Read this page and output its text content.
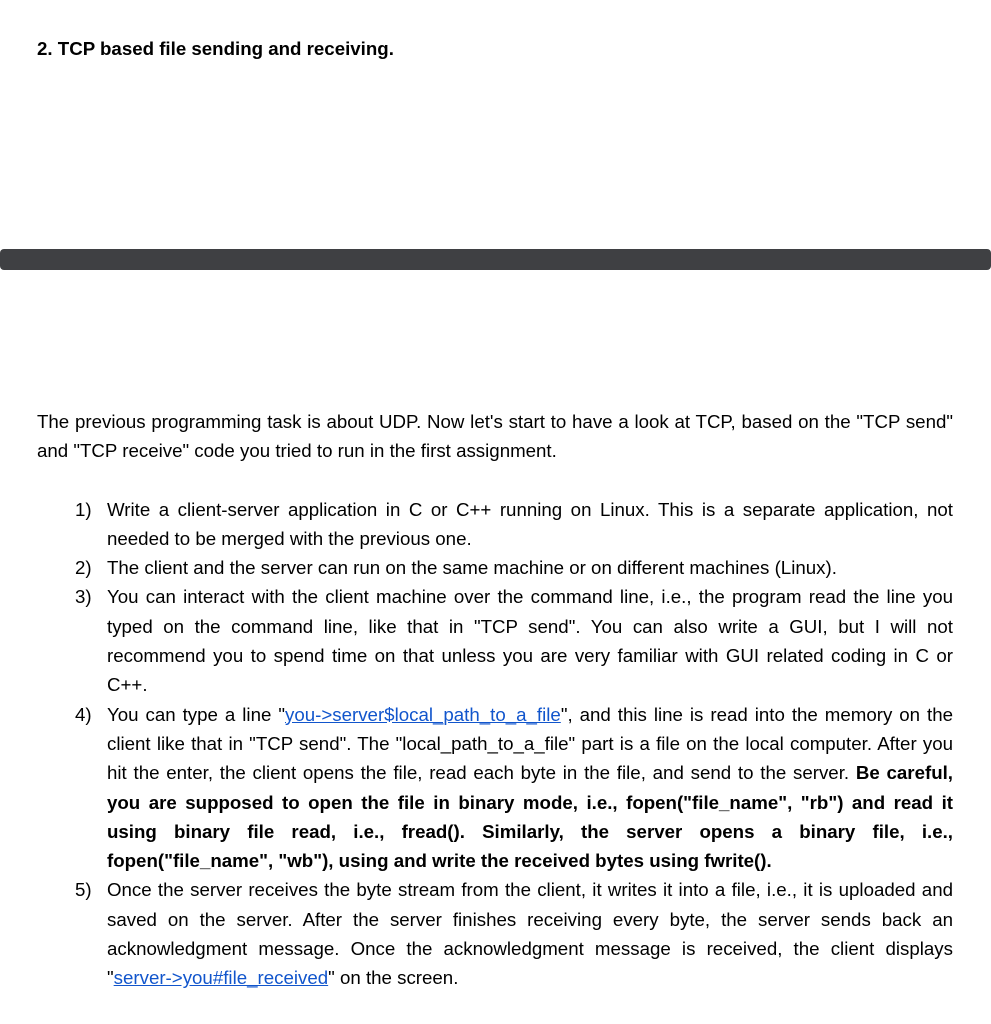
2. TCP based file sending and receiving.
The previous programming task is about UDP. Now let's start to have a look at TCP, based on the "TCP send" and "TCP receive" code you tried to run in the first assignment.
1) Write a client-server application in C or C++ running on Linux. This is a separate application, not needed to be merged with the previous one.
2) The client and the server can run on the same machine or on different machines (Linux).
3) You can interact with the client machine over the command line, i.e., the program read the line you typed on the command line, like that in "TCP send". You can also write a GUI, but I will not recommend you to spend time on that unless you are very familiar with GUI related coding in C or C++.
4) You can type a line "you->server$local_path_to_a_file", and this line is read into the memory on the client like that in "TCP send". The "local_path_to_a_file" part is a file on the local computer. After you hit the enter, the client opens the file, read each byte in the file, and send to the server. Be careful, you are supposed to open the file in binary mode, i.e., fopen("file_name", "rb") and read it using binary file read, i.e., fread(). Similarly, the server opens a binary file, i.e., fopen("file_name", "wb"), using and write the received bytes using fwrite().
5) Once the server receives the byte stream from the client, it writes it into a file, i.e., it is uploaded and saved on the server. After the server finishes receiving every byte, the server sends back an acknowledgment message. Once the acknowledgment message is received, the client displays "server->you#file_received" on the screen.
